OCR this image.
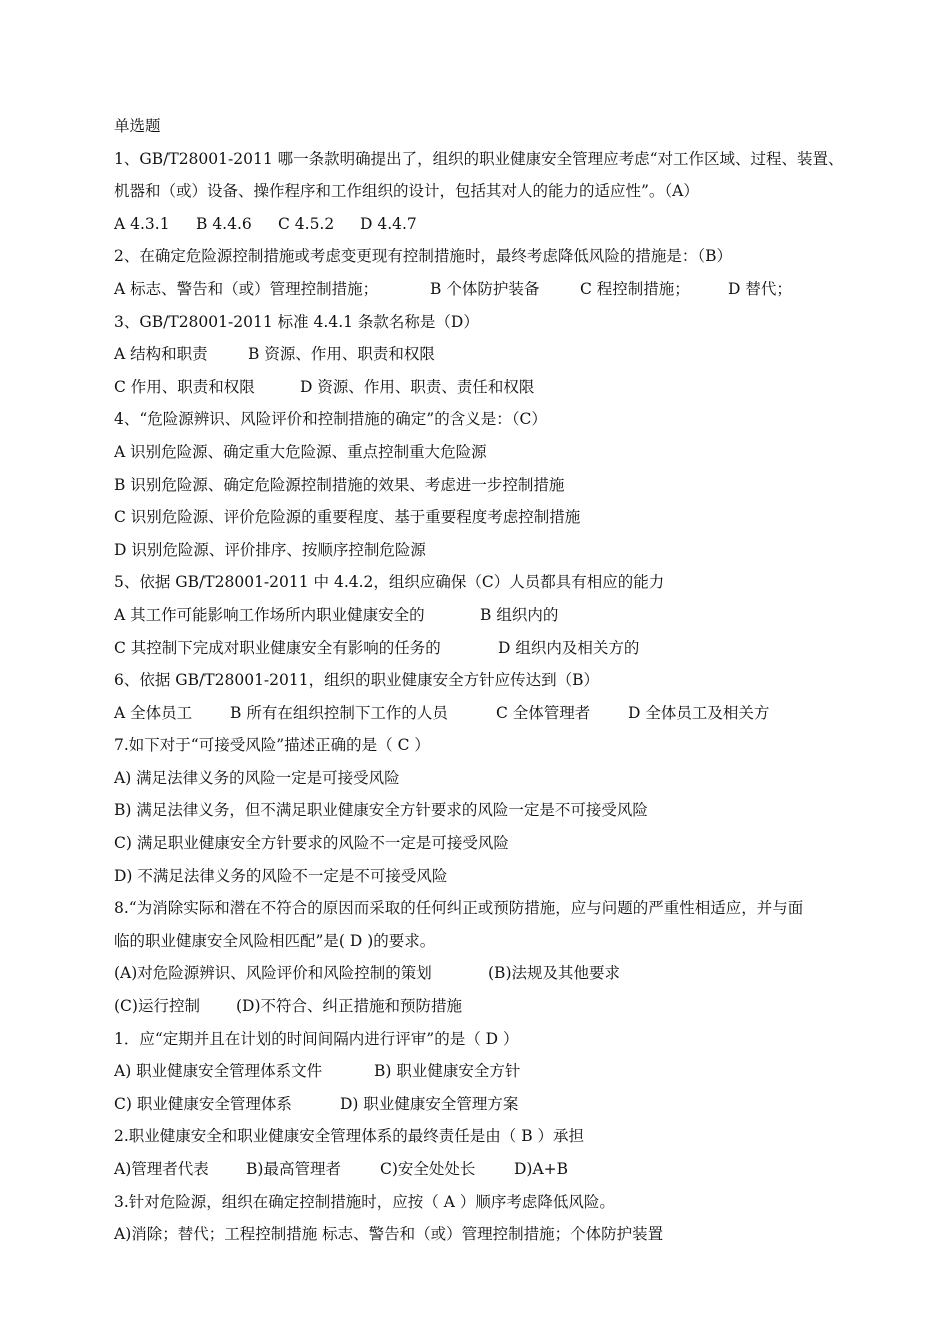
单选题
1、GB/T28001-2011 哪一条款明确提出了，组织的职业健康安全管理应考虑“对工作区域、过程、装置、
机器和（或）设备、操作程序和工作组织的设计，包括其对人的能力的适应性”。（A）
A 4.3.1	B 4.4.6	C 4.5.2	D 4.4.7
2、在确定危险源控制措施或考虑变更现有控制措施时，最终考虑降低风险的措施是：（B）
A 标志、警告和（或）管理控制措施；	B 个体防护装备	C 程控制措施；	D 替代；
3、GB/T28001-2011 标准 4.4.1 条款名称是（D）
A 结构和职责	B 资源、作用、职责和权限
C 作用、职责和权限	D 资源、作用、职责、责任和权限
4、“危险源辨识、风险评价和控制措施的确定”的含义是：（C）
A 识别危险源、确定重大危险源、重点控制重大危险源
B 识别危险源、确定危险源控制措施的效果、考虑进一步控制措施
C 识别危险源、评价危险源的重要程度、基于重要程度考虑控制措施
D 识别危险源、评价排序、按顺序控制危险源
5、依据 GB/T28001-2011 中 4.4.2，组织应确保（C）人员都具有相应的能力
A 其工作可能影响工作场所内职业健康安全的	B 组织内的
C 其控制下完成对职业健康安全有影响的任务的	D 组织内及相关方的
6、依据 GB/T28001-2011，组织的职业健康安全方针应传达到（B）
A 全体员工	B 所有在组织控制下工作的人员	C 全体管理者	D 全体员工及相关方
7.如下对于“可接受风险”描述正确的是（ C ）
A) 满足法律义务的风险一定是可接受风险
B) 满足法律义务，但不满足职业健康安全方针要求的风险一定是不可接受风险
C) 满足职业健康安全方针要求的风险不一定是可接受风险
D) 不满足法律义务的风险不一定是不可接受风险
8.“为消除实际和潜在不符合的原因而采取的任何纠正或预防措施，应与问题的严重性相适应，并与面
临的职业健康安全风险相匹配”是( D )的要求。
(A)对危险源辨识、风险评价和风险控制的策划	(B)法规及其他要求
(C)运行控制	(D)不符合、纠正措施和预防措施
1．应“定期并且在计划的时间间隔内进行评审”的是（ D ）
A) 职业健康安全管理体系文件	B) 职业健康安全方针
C) 职业健康安全管理体系	D) 职业健康安全管理方案
2.职业健康安全和职业健康安全管理体系的最终责任是由（ B ）承担
A)管理者代表	B)最高管理者	C)安全处处长	D)A+B
3.针对危险源，组织在确定控制措施时，应按（ A ）顺序考虑降低风险。
A)消除；替代；工程控制措施 标志、警告和（或）管理控制措施；个体防护装置
